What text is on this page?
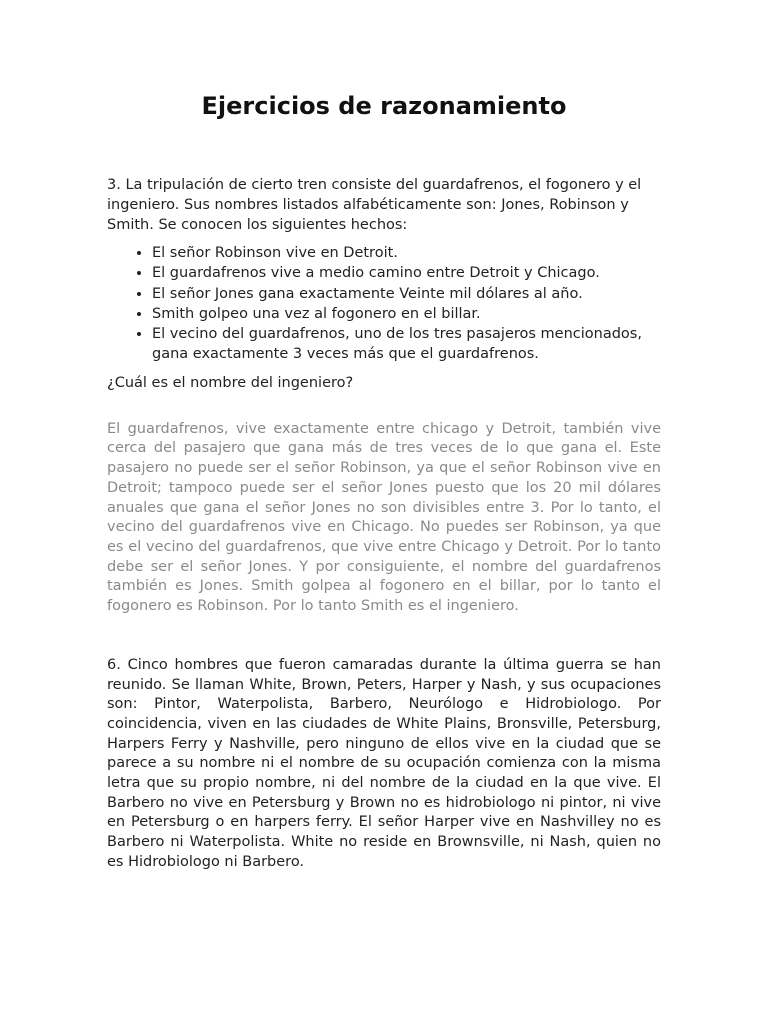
Ejercicios de razonamiento

3. La tripulación de cierto tren consiste del guardafrenos, el fogonero y el ingeniero. Sus nombres listados alfabéticamente son: Jones, Robinson y Smith. Se conocen los siguientes hechos:

• El señor Robinson vive en Detroit.
• El guardafrenos vive a medio camino entre Detroit y Chicago.
• El señor Jones gana exactamente Veinte mil dólares al año.
• Smith golpeo una vez al fogonero en el billar.
• El vecino del guardafrenos, uno de los tres pasajeros mencionados, gana exactamente 3 veces más que el guardafrenos.

¿Cuál es el nombre del ingeniero?

El guardafrenos, vive exactamente entre chicago y Detroit, también vive cerca del pasajero que gana más de tres veces de lo que gana el. Este pasajero no puede ser el señor Robinson, ya que el señor Robinson vive en Detroit; tampoco puede ser el señor Jones puesto que los 20 mil dólares anuales que gana el señor Jones no son divisibles entre 3. Por lo tanto, el vecino del guardafrenos vive en Chicago. No puedes ser Robinson, ya que es el vecino del guardafrenos, que vive entre Chicago y Detroit. Por lo tanto debe ser el señor Jones. Y por consiguiente, el nombre del guardafrenos también es Jones. Smith golpea al fogonero en el billar, por lo tanto el fogonero es Robinson. Por lo tanto Smith es el ingeniero.

6. Cinco hombres que fueron camaradas durante la última guerra se han reunido. Se llaman White, Brown, Peters, Harper y Nash, y sus ocupaciones son: Pintor, Waterpolista, Barbero, Neurólogo e Hidrobiologo. Por coincidencia, viven en las ciudades de White Plains, Bronsville, Petersburg, Harpers Ferry y Nashville, pero ninguno de ellos vive en la ciudad que se parece a su nombre ni el nombre de su ocupación comienza con la misma letra que su propio nombre, ni del nombre de la ciudad en la que vive. El Barbero no vive en Petersburg y Brown no es hidrobiologo ni pintor, ni vive en Petersburg o en harpers ferry. El señor Harper vive en Nashvilley no es Barbero ni Waterpolista. White no reside en Brownsville, ni Nash, quien no es Hidrobiologo ni Barbero.
